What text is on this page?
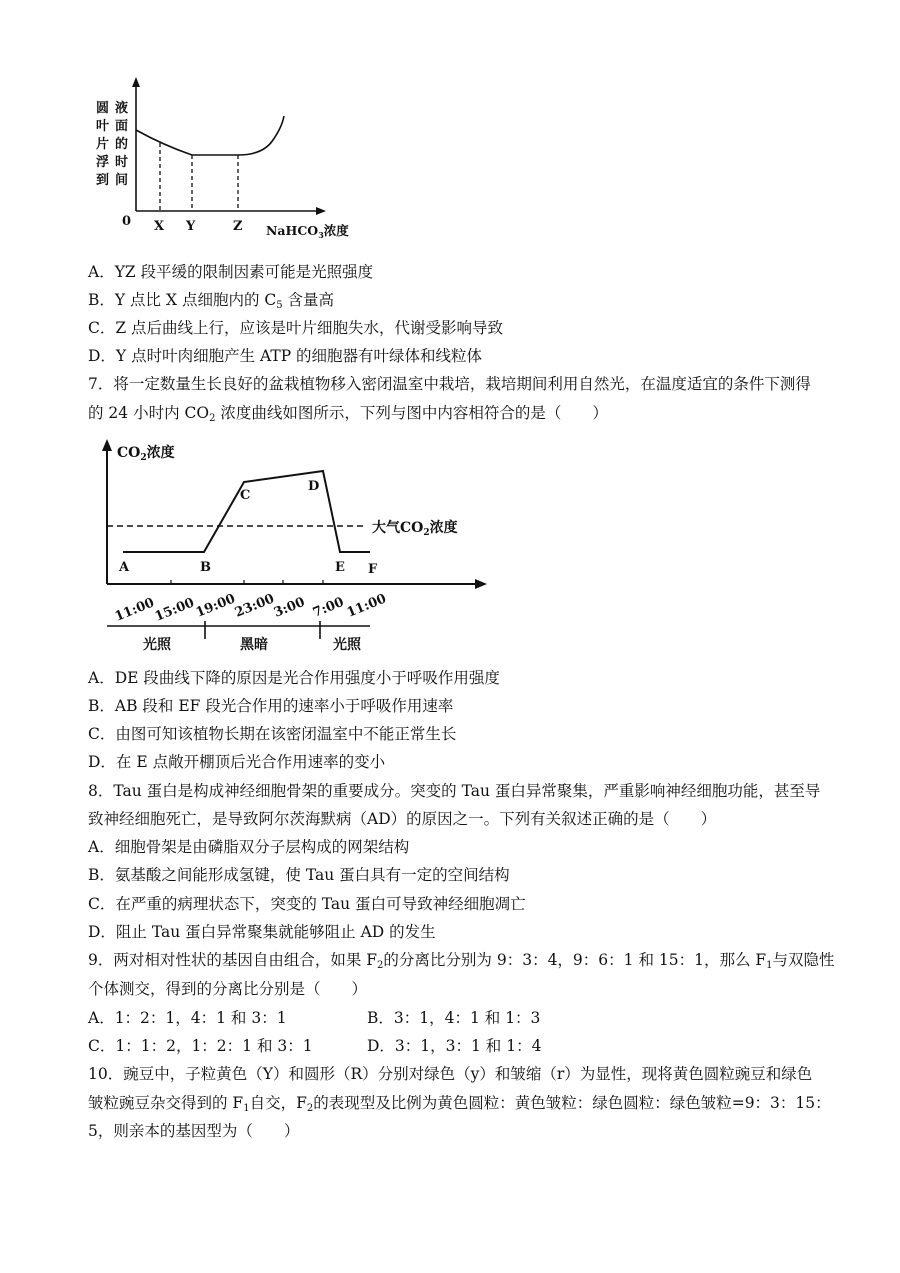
圆
叶
片
浮
到
液
面
的
时
间
0 X Y	Z NaHCO$_3$浓度
A．YZ 段平缓的限制因素可能是光照强度
B．Y 点比 X 点细胞内的 $C_5$ 含量高
C．Z 点后曲线上行，应该是叶片细胞失水，代谢受影响导致
D．Y 点时叶肉细胞产生 ATP 的细胞器有叶绿体和线粒体
7．将一定数量生长良好的盆栽植物移入密闭温室中栽培，栽培期间利用自然光，在温度适宜的条件下测得
的 24 小时内 $CO_2$ 浓度曲线如图所示，下列与图中内容相符合的是（　　）
$CO_2$浓度
大气$CO_2$浓度
A	B
C
D
E F
11:00
15:00
19:00
23:00
3:00 7:00
11:00
光照	黑暗	光照
A．DE 段曲线下降的原因是光合作用强度小于呼吸作用强度
B．AB 段和 EF 段光合作用的速率小于呼吸作用速率
C．由图可知该植物长期在该密闭温室中不能正常生长
D．在 E 点敞开棚顶后光合作用速率的变小
8．Tau 蛋白是构成神经细胞骨架的重要成分。突变的 Tau 蛋白异常聚集，严重影响神经细胞功能，甚至导
致神经细胞死亡，是导致阿尔茨海默病（AD）的原因之一。下列有关叙述正确的是（　　）
A．细胞骨架是由磷脂双分子层构成的网架结构
B．氨基酸之间能形成氢键，使 Tau 蛋白具有一定的空间结构
C．在严重的病理状态下，突变的 Tau 蛋白可导致神经细胞凋亡
D．阻止 Tau 蛋白异常聚集就能够阻止 AD 的发生
9．两对相对性状的基因自由组合，如果 $F_2$的分离比分别为 9：3：4，9：6：1 和 15：1，那么 $F_1$与双隐性
个体测交，得到的分离比分别是（　　）
A．1：2：1，4：1 和 3：1	B．3：1，4：1 和 1：3
C．1：1：2，1：2：1 和 3：1	D．3：1，3：1 和 1：4
10．豌豆中，子粒黄色（Y）和圆形（R）分别对绿色（y）和皱缩（r）为显性，现将黄色圆粒豌豆和绿色
皱粒豌豆杂交得到的 $F_1$自交，$F_2$的表现型及比例为黄色圆粒：黄色皱粒：绿色圆粒：绿色皱粒=9：3：15：
5，则亲本的基因型为（　　）
